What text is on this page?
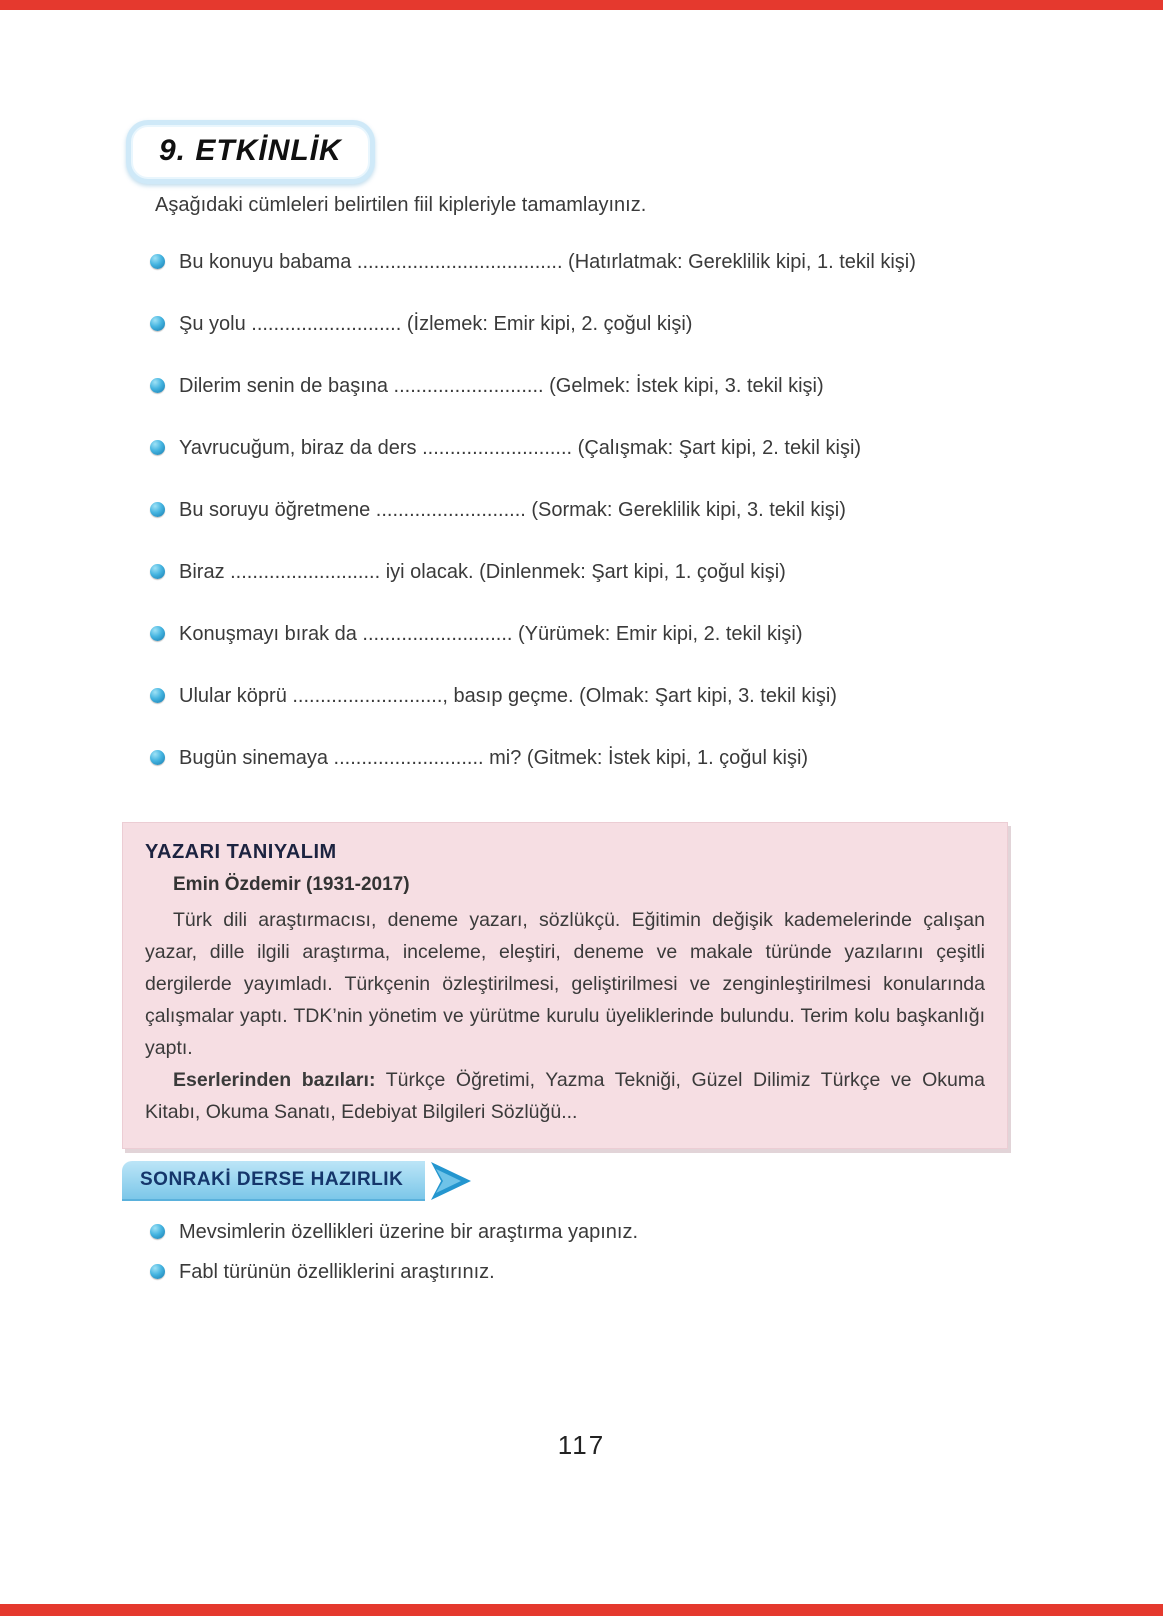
9. ETKİNLİK
Aşağıdaki cümleleri belirtilen fiil kipleriyle tamamlayınız.
Bu konuyu babama ..................................... (Hatırlatmak: Gereklilik kipi, 1. tekil kişi)
Şu yolu ........................... (İzlemek: Emir kipi, 2. çoğul kişi)
Dilerim senin de başına ........................... (Gelmek: İstek kipi, 3. tekil kişi)
Yavrucuğum, biraz da ders ........................... (Çalışmak: Şart kipi, 2. tekil kişi)
Bu soruyu öğretmene ........................... (Sormak: Gereklilik kipi, 3. tekil kişi)
Biraz ........................... iyi olacak. (Dinlenmek: Şart kipi, 1. çoğul kişi)
Konuşmayı bırak da ........................... (Yürümek: Emir kipi, 2. tekil kişi)
Ulular köprü ..........................., basıp geçme. (Olmak: Şart kipi, 3. tekil kişi)
Bugün sinemaya ........................... mi? (Gitmek: İstek kipi, 1. çoğul kişi)

YAZARI TANIYALIM

Emin Özdemir (1931-2017)

Türk dili araştırmacısı, deneme yazarı, sözlükçü. Eğitimin değişik kademelerinde çalışan yazar, dille ilgili araştırma, inceleme, eleştiri, deneme ve makale türünde yazılarını çeşitli dergilerde yayımladı. Türkçenin özleştirilmesi, geliştirilmesi ve zenginleştirilmesi konularında çalışmalar yaptı. TDK’nin yönetim ve yürütme kurulu üyeliklerinde bulundu. Terim kolu başkanlığı yaptı.

Eserlerinden bazıları: Türkçe Öğretimi, Yazma Tekniği, Güzel Dilimiz Türkçe ve Okuma Kitabı, Okuma Sanatı, Edebiyat Bilgileri Sözlüğü...

SONRAKİ DERSE HAZIRLIK
Mevsimlerin özellikleri üzerine bir araştırma yapınız.
Fabl türünün özelliklerini araştırınız.
117
